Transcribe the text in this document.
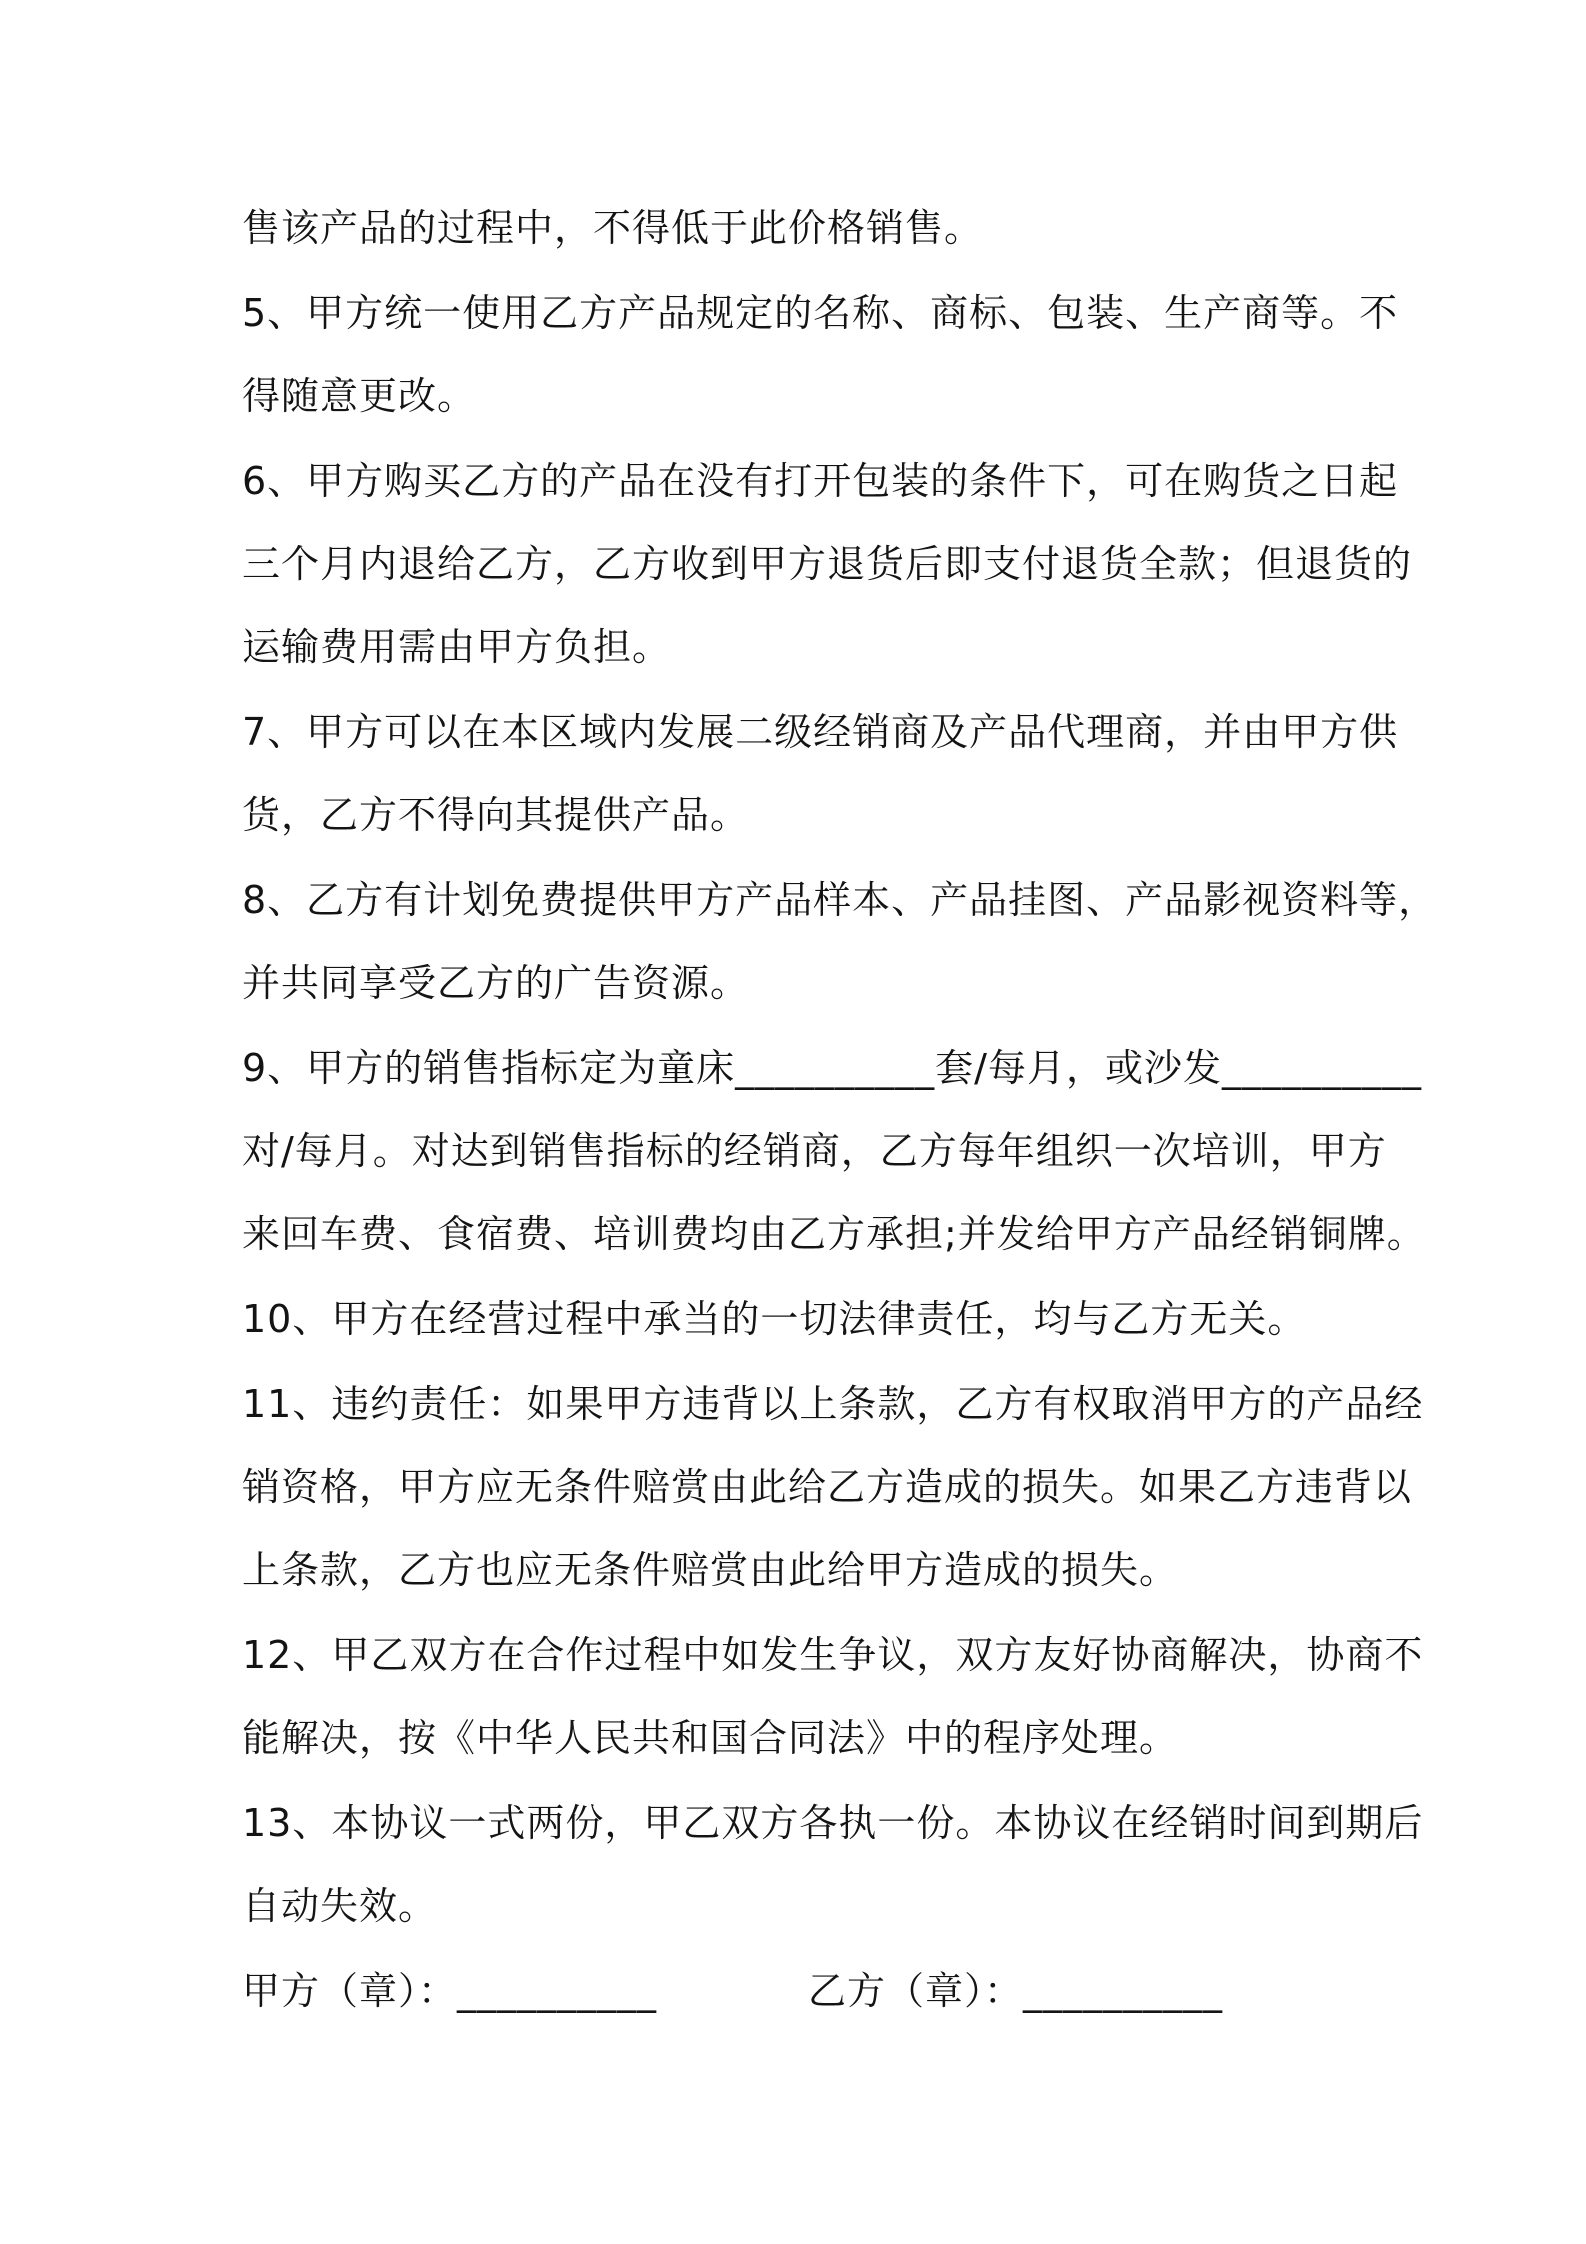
售该产品的过程中，不得低于此价格销售。
5、甲方统一使用乙方产品规定的名称、商标、包装、生产商等。不
得随意更改。
6、甲方购买乙方的产品在没有打开包装的条件下，可在购货之日起
三个月内退给乙方，乙方收到甲方退货后即支付退货全款；但退货的
运输费用需由甲方负担。
7、甲方可以在本区域内发展二级经销商及产品代理商，并由甲方供
货，乙方不得向其提供产品。
8、乙方有计划免费提供甲方产品样本、产品挂图、产品影视资料等，
并共同享受乙方的广告资源。
9、甲方的销售指标定为童床__________套/每月，或沙发__________
对/每月。对达到销售指标的经销商，乙方每年组织一次培训，甲方
来回车费、食宿费、培训费均由乙方承担;并发给甲方产品经销铜牌。
10、甲方在经营过程中承当的一切法律责任，均与乙方无关。
11、违约责任：如果甲方违背以上条款，乙方有权取消甲方的产品经
销资格，甲方应无条件赔赏由此给乙方造成的损失。如果乙方违背以
上条款，乙方也应无条件赔赏由此给甲方造成的损失。
12、甲乙双方在合作过程中如发生争议，双方友好协商解决，协商不
能解决，按《中华人民共和国合同法》中的程序处理。
13、本协议一式两份，甲乙双方各执一份。本协议在经销时间到期后
自动失效。
甲方（章）：__________	乙方（章）：__________
